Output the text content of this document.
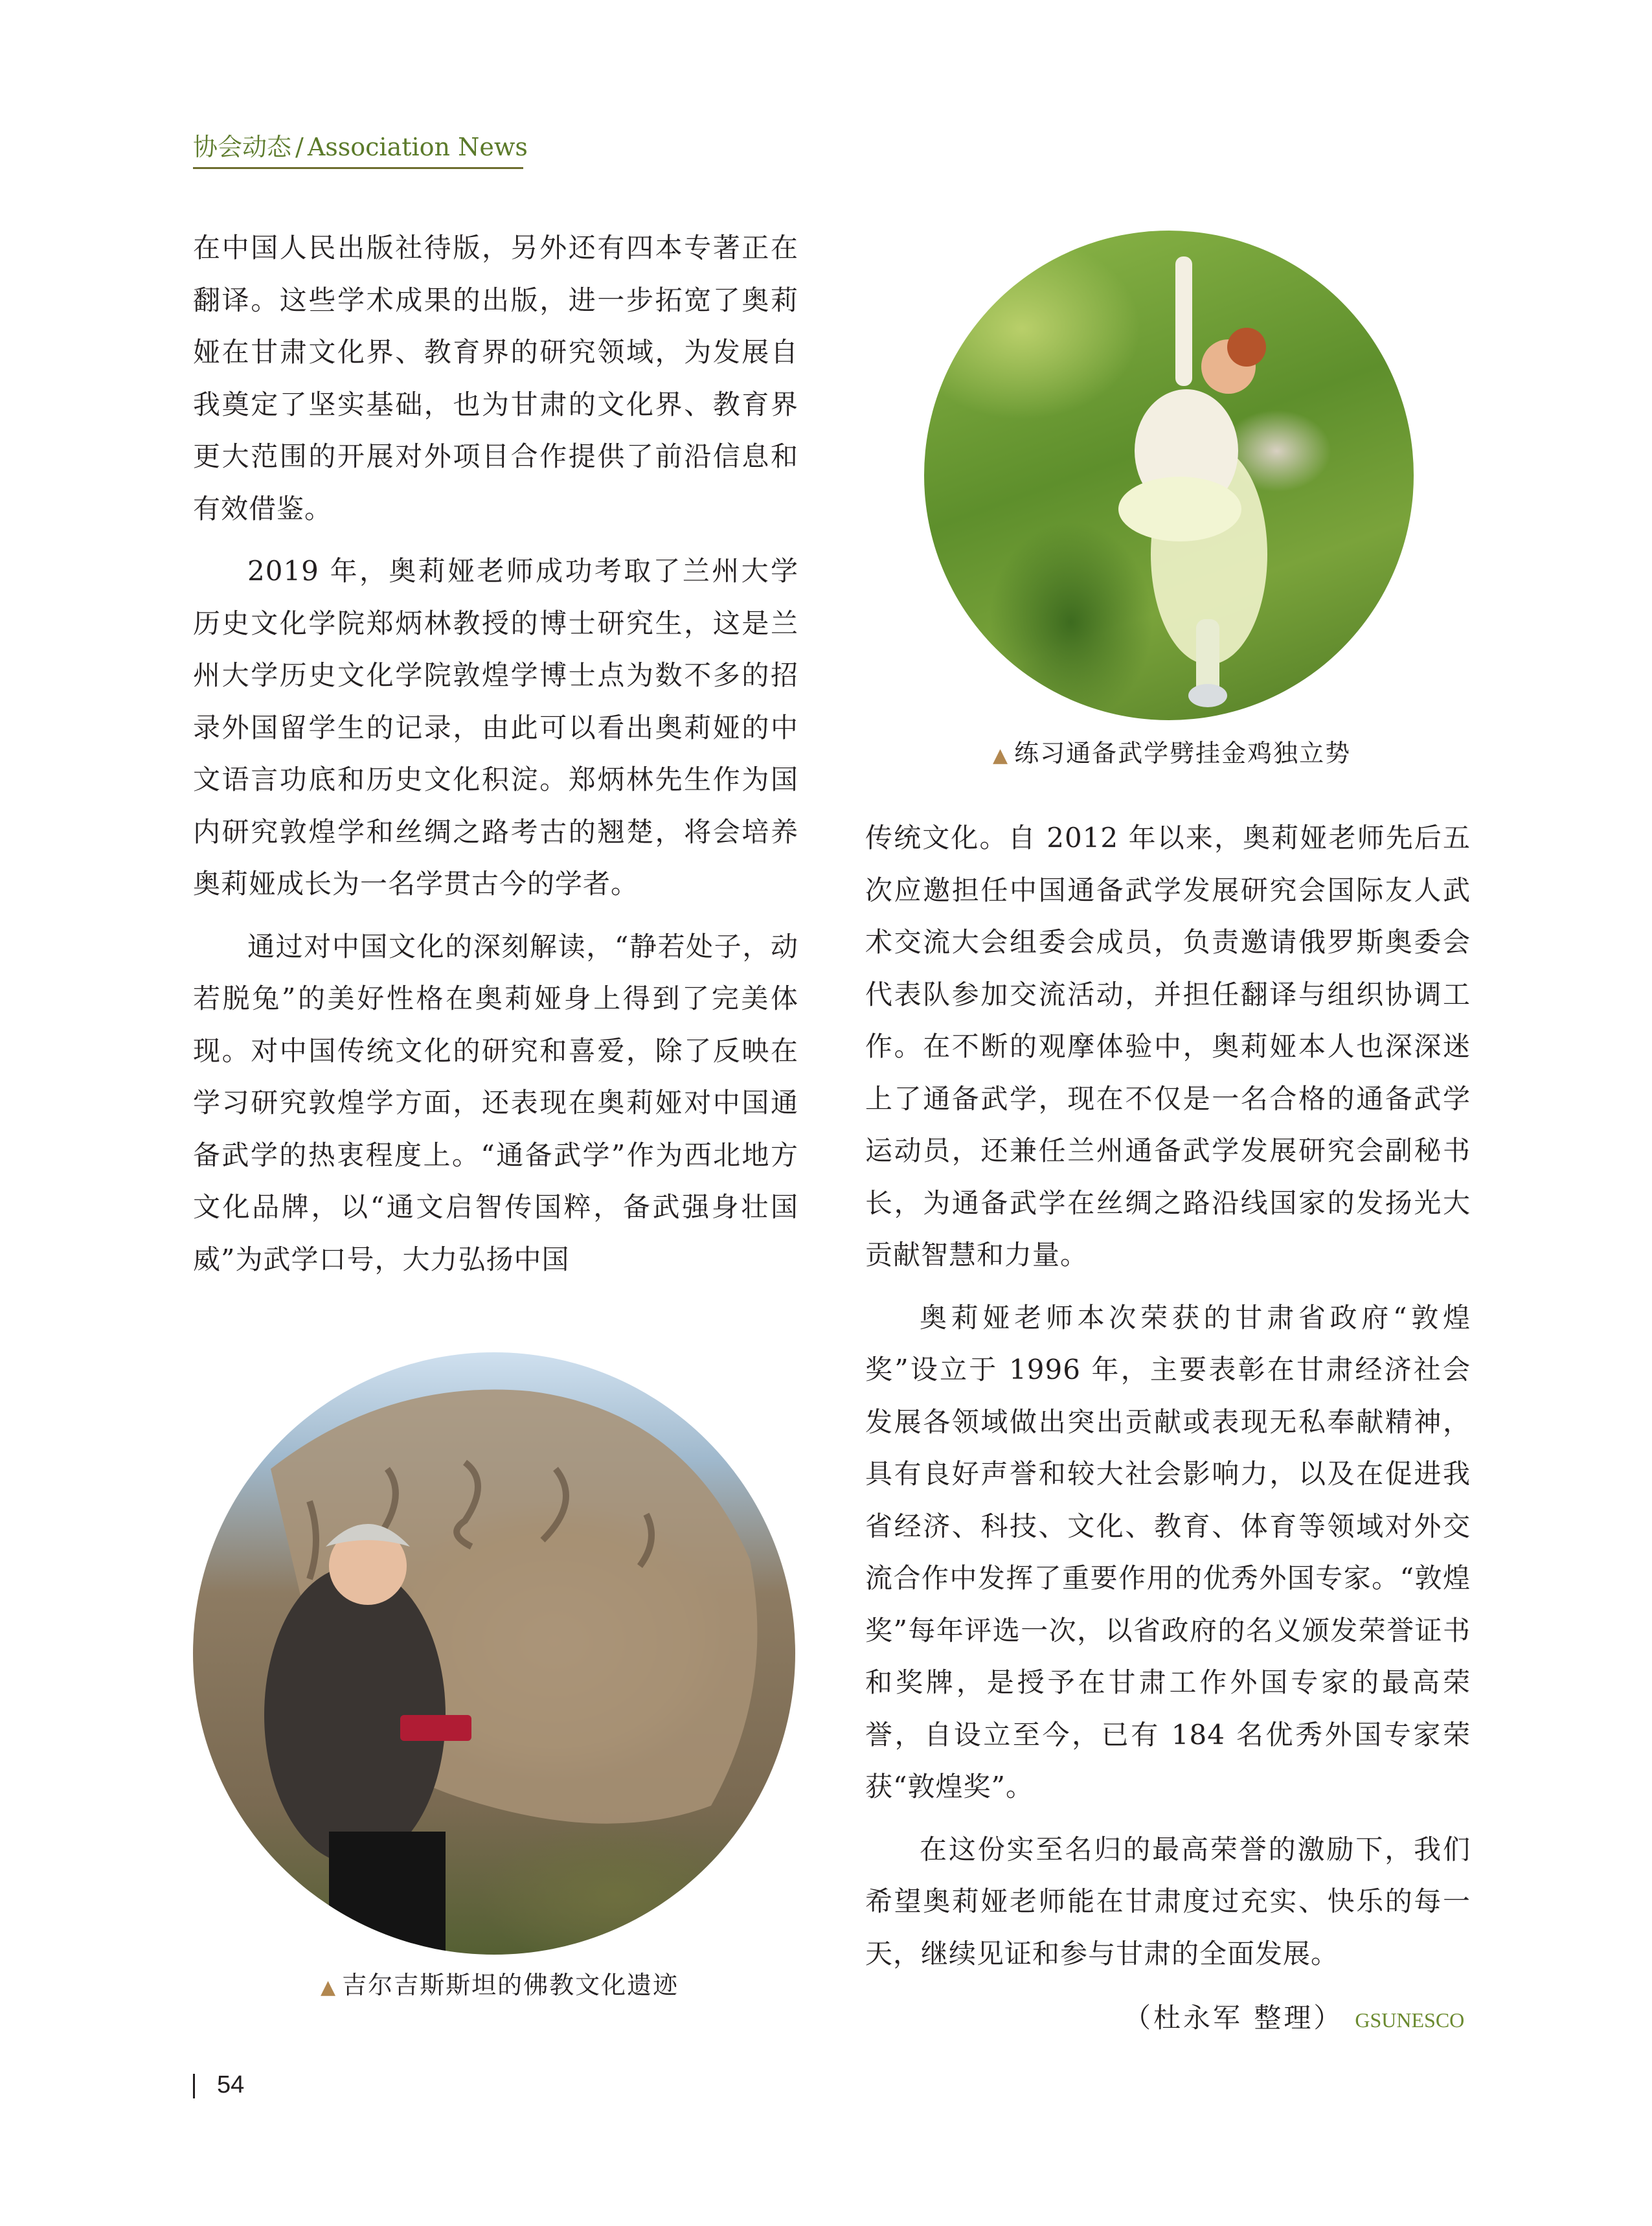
协会动态 / Association News

在中国人民出版社待版，另外还有四本专著正在翻译。这些学术成果的出版，进一步拓宽了奥莉娅在甘肃文化界、教育界的研究领域，为发展自我奠定了坚实基础，也为甘肃的文化界、教育界更大范围的开展对外项目合作提供了前沿信息和有效借鉴。

2019 年，奥莉娅老师成功考取了兰州大学历史文化学院郑炳林教授的博士研究生，这是兰州大学历史文化学院敦煌学博士点为数不多的招录外国留学生的记录，由此可以看出奥莉娅的中文语言功底和历史文化积淀。郑炳林先生作为国内研究敦煌学和丝绸之路考古的翘楚，将会培养奥莉娅成长为一名学贯古今的学者。

通过对中国文化的深刻解读，“静若处子，动若脱兔”的美好性格在奥莉娅身上得到了完美体现。对中国传统文化的研究和喜爱，除了反映在学习研究敦煌学方面，还表现在奥莉娅对中国通备武学的热衷程度上。“通备武学”作为西北地方文化品牌，以“通文启智传国粹，备武强身壮国威”为武学口号，大力弘扬中国

▲ 练习通备武学劈挂金鸡独立势

传统文化。自 2012 年以来，奥莉娅老师先后五次应邀担任中国通备武学发展研究会国际友人武术交流大会组委会成员，负责邀请俄罗斯奥委会代表队参加交流活动，并担任翻译与组织协调工作。在不断的观摩体验中，奥莉娅本人也深深迷上了通备武学，现在不仅是一名合格的通备武学运动员，还兼任兰州通备武学发展研究会副秘书长，为通备武学在丝绸之路沿线国家的发扬光大贡献智慧和力量。

奥莉娅老师本次荣获的甘肃省政府“敦煌奖”设立于 1996 年，主要表彰在甘肃经济社会发展各领域做出突出贡献或表现无私奉献精神，具有良好声誉和较大社会影响力，以及在促进我省经济、科技、文化、教育、体育等领域对外交流合作中发挥了重要作用的优秀外国专家。“敦煌奖”每年评选一次，以省政府的名义颁发荣誉证书和奖牌，是授予在甘肃工作外国专家的最高荣誉，自设立至今，已有 184 名优秀外国专家荣获“敦煌奖”。

在这份实至名归的最高荣誉的激励下，我们希望奥莉娅老师能在甘肃度过充实、快乐的每一天，继续见证和参与甘肃的全面发展。

▲ 吉尔吉斯斯坦的佛教文化遗迹
（杜永军 整理） GSUNESCO
54
